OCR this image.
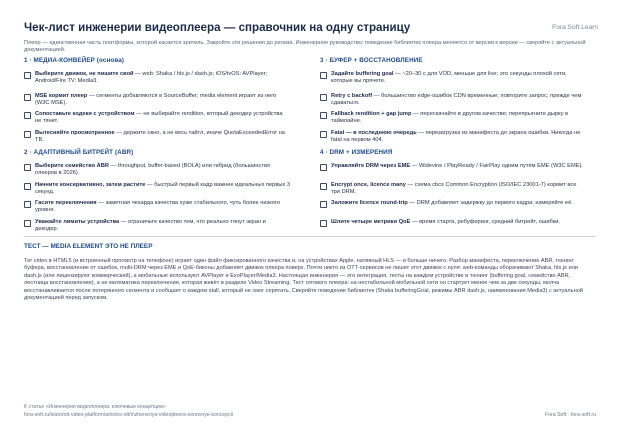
Чек-лист инженерии видеоплеера — справочник на одну страницу	Fora Soft Learn
Плеер — единственная часть платформы, которой касается зритель. Закройте эти решения до релиза. Инженерное руководство; поведение библиотек плеера меняется от версии к версии — сверяйте с актуальной документацией.
1 · МЕДИА-КОНВЕЙЕР (основа)
Выберите движок, не пишите свой — web: Shaka / hls.js / dash.js; iOS/tvOS: AVPlayer; Android/Fire TV: Media3.
MSE кормит плеер — сегменты добавляются в SourceBuffer; media element играет из него (W3C MSE).
Сопоставьте кодеки с устройством — не выбирайте rendition, который декодер устройства не тянет.
Вытесняйте просмотренное — держите окно, а не весь тайтл, иначе QuotaExceededError на ТВ.
2 · АДАПТИВНЫЙ БИТРЕЙТ (ABR)
Выберите семейство ABR — throughput, buffer-based (BOLA) или гибрид (большинство плееров в 2026).
Начните консервативно, затем растите — быстрый первый кадр важнее идеальных первых 3 секунд.
Гасите переключения — заметная чехарда качества хуже стабильного, чуть более низкого уровня.
Уважайте лимиты устройства — ограничьте качество тем, что реально тянут экран и декодер.
3 · БУФЕР + ВОССТАНОВЛЕНИЕ
Задайте buffering goal — ~20–30 с для VOD, меньше для live; это секунды плохой сети, которые вы прячете.
Retry с backoff — большинство edge-ошибок CDN временные; повторите запрос, прежде чем сдаваться.
Fallback rendition + gap jump — перескачайте в другом качестве; перепрыгните дырку в таймлайне.
Fatal — в последнюю очередь — перезагрузка из манифеста до экрана ошибки. Никогда не fatal на первом 404.
4 · DRM + ИЗМЕРЕНИЯ
Управляйте DRM через EME — Widevine / PlayReady / FairPlay одним путём EME (W3C EME).
Encrypt once, licence many — схема cbcs Common Encryption (ISO/IEC 23001-7) кормит все три DRM.
Заложите licence round-trip — DRM добавляет задержку до первого кадра; измеряйте её.
Шлите четыре метрики QoE — время старта, ребуферинг, средний битрейт, ошибки.
ТЕСТ — MEDIA ELEMENT ЭТО НЕ ПЛЕЕР
Тег video в HTML5 (и встроенный просмотр на телефоне) играет один файл фиксированного качества и, на устройствах Apple, нативный HLS — и больше ничего. Разбор манифеста, переключение ABR, тюнинг буфера, восстановление от ошибок, multi-DRM через EME и QoE-биконы добавляет движок плеера поверх. Почти никто из OTT-сервисов не пишет этот движок с нуля: web-команды оборачивают Shaka, hls.js или dash.js (или лицензируют коммерческий), а мобильные используют AVPlayer и ExoPlayer/Media3. Настоящая инженерия — это интеграция, тесты на каждом устройстве и тюнинг (buffering goal, семейство ABR, лестница восстановления), а не математика переключения, которая живёт в разделе Video Streaming. Тест готового плеера: на нестабильной мобильной сети он стартует менее чем за две секунды, молча восстанавливается после потерянного сегмента и сообщает о каждом stall, который не смог спрятать. Сверяйте поведение библиотек (Shaka bufferingGoal, режимы ABR dash.js, наименования Media3) с актуальной документацией перед запуском.
К статье «Инженерия видеоплеера: ключевые концепции»
fora-soft.ru/learn/ott-video-platform/articles-ott/inzheneriya-videopleera-osnovnye-koncepcii	Fora Soft · fora-soft.ru
